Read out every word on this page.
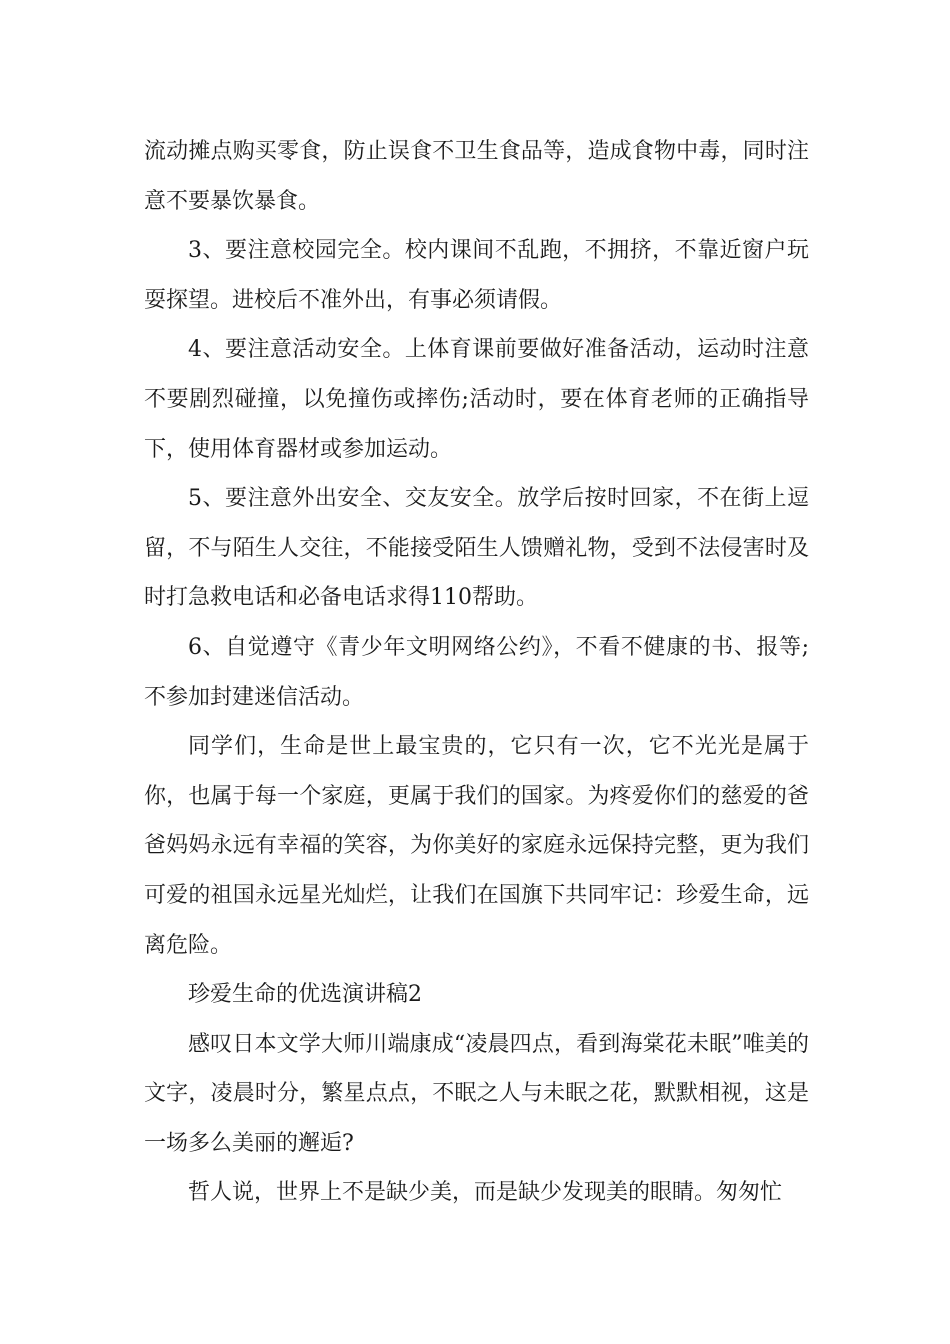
流动摊点购买零食，防止误食不卫生食品等，造成食物中毒，同时注意不要暴饮暴食。

3、要注意校园完全。校内课间不乱跑，不拥挤，不靠近窗户玩耍探望。进校后不准外出，有事必须请假。

4、要注意活动安全。上体育课前要做好准备活动，运动时注意不要剧烈碰撞，以免撞伤或摔伤;活动时，要在体育老师的正确指导下，使用体育器材或参加运动。

5、要注意外出安全、交友安全。放学后按时回家，不在街上逗留，不与陌生人交往，不能接受陌生人馈赠礼物，受到不法侵害时及时打急救电话和必备电话求得110帮助。

6、自觉遵守《青少年文明网络公约》，不看不健康的书、报等;不参加封建迷信活动。

同学们，生命是世上最宝贵的，它只有一次，它不光光是属于你，也属于每一个家庭，更属于我们的国家。为疼爱你们的慈爱的爸爸妈妈永远有幸福的笑容，为你美好的家庭永远保持完整，更为我们可爱的祖国永远星光灿烂，让我们在国旗下共同牢记：珍爱生命，远离危险。

珍爱生命的优选演讲稿2

感叹日本文学大师川端康成“凌晨四点，看到海棠花未眠”唯美的文字，凌晨时分，繁星点点，不眠之人与未眠之花，默默相视，这是一场多么美丽的邂逅?

哲人说，世界上不是缺少美，而是缺少发现美的眼睛。匆匆忙
